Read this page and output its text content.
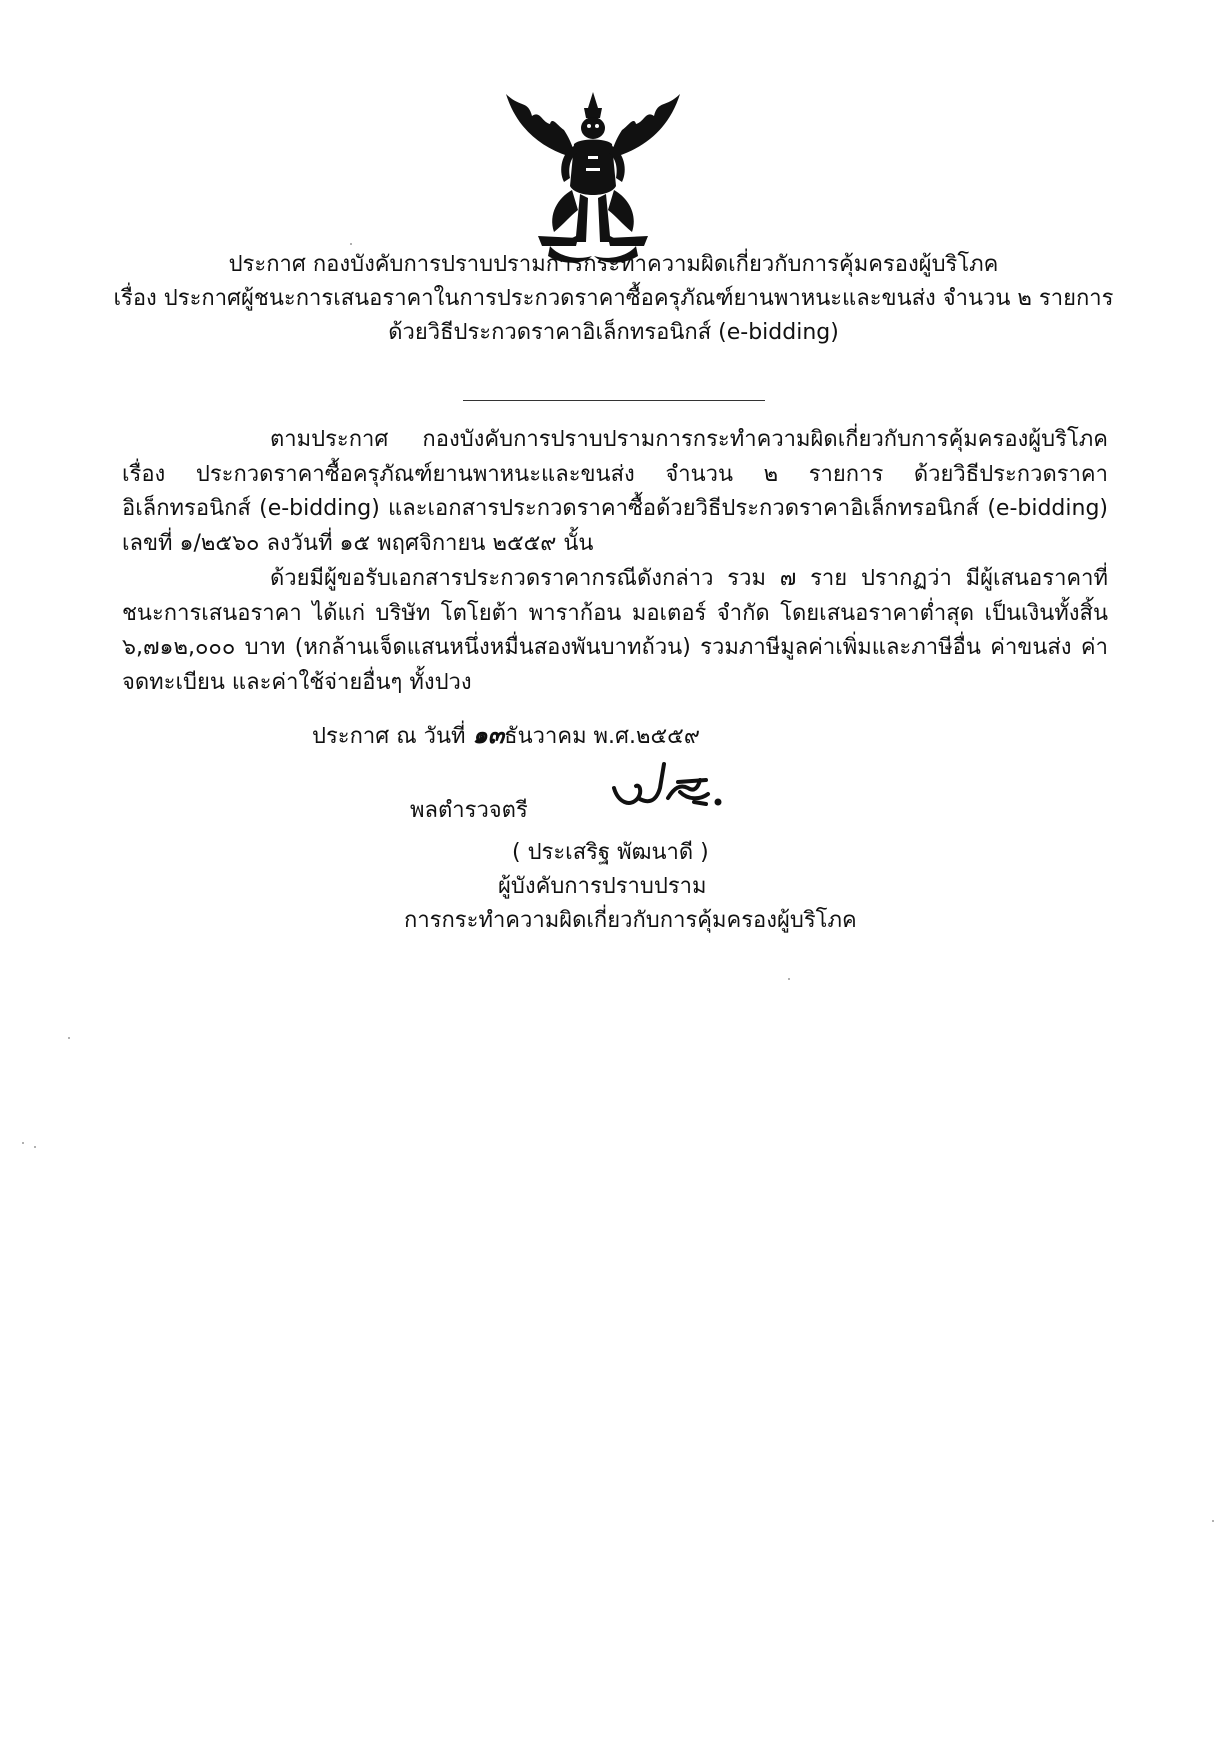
ประกาศ กองบังคับการปราบปรามการกระทำความผิดเกี่ยวกับการคุ้มครองผู้บริโภค
เรื่อง ประกาศผู้ชนะการเสนอราคาในการประกวดราคาซื้อครุภัณฑ์ยานพาหนะและขนส่ง จำนวน ๒ รายการ
ด้วยวิธีประกวดราคาอิเล็กทรอนิกส์ (e-bidding)
ตามประกาศ กองบังคับการปราบปรามการกระทำความผิดเกี่ยวกับการคุ้มครองผู้บริโภค เรื่อง ประกวดราคาซื้อครุภัณฑ์ยานพาหนะและขนส่ง จำนวน ๒ รายการ ด้วยวิธีประกวดราคาอิเล็กทรอนิกส์ (e-bidding) และเอกสารประกวดราคาซื้อด้วยวิธีประกวดราคาอิเล็กทรอนิกส์ (e-bidding) เลขที่ ๑/๒๕๖๐ ลงวันที่ ๑๕ พฤศจิกายน ๒๕๕๙ นั้น
ด้วยมีผู้ขอรับเอกสารประกวดราคากรณีดังกล่าว รวม ๗ ราย ปรากฏว่า มีผู้เสนอราคาที่ชนะการเสนอราคา ได้แก่ บริษัท โตโยต้า พาราก้อน มอเตอร์ จำกัด โดยเสนอราคาต่ำสุด เป็นเงินทั้งสิ้น ๖,๗๑๒,๐๐๐ บาท (หกล้านเจ็ดแสนหนึ่งหมื่นสองพันบาทถ้วน) รวมภาษีมูลค่าเพิ่มและภาษีอื่น ค่าขนส่ง ค่าจดทะเบียน และค่าใช้จ่ายอื่นๆ ทั้งปวง
ประกาศ ณ วันที่ ๑๓ธันวาคม พ.ศ.๒๕๕๙
พลตำรวจตรี
( ประเสริฐ พัฒนาดี )
ผู้บังคับการปราบปราม
การกระทำความผิดเกี่ยวกับการคุ้มครองผู้บริโภค
